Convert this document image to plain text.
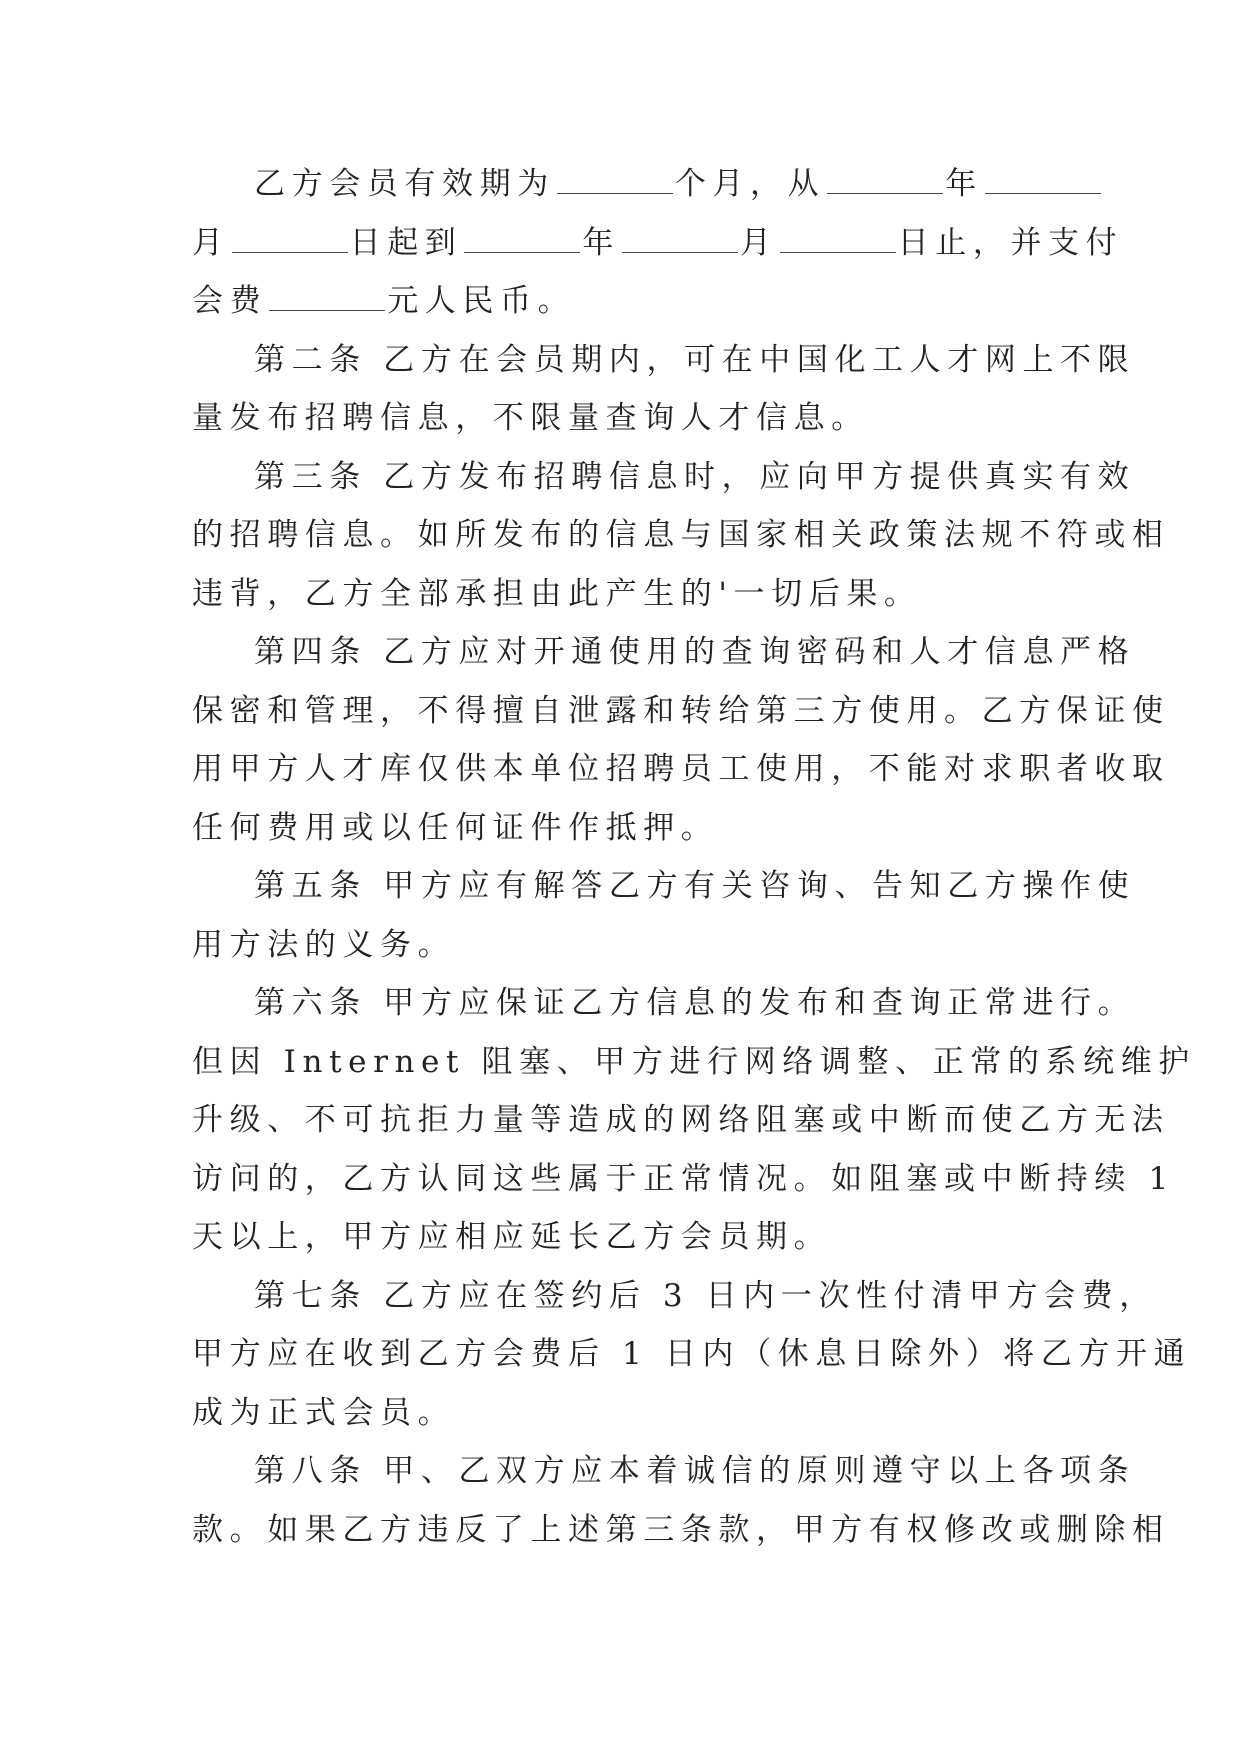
乙方会员有效期为	个月，从	年
月	日起到	年	月	日止，并支付
会费	元人民币。
第二条 乙方在会员期内，可在中国化工人才网上不限
量发布招聘信息，不限量查询人才信息。
第三条 乙方发布招聘信息时，应向甲方提供真实有效
的招聘信息。如所发布的信息与国家相关政策法规不符或相
违背，乙方全部承担由此产生的'一切后果。
第四条 乙方应对开通使用的查询密码和人才信息严格
保密和管理，不得擅自泄露和转给第三方使用。乙方保证使
用甲方人才库仅供本单位招聘员工使用，不能对求职者收取
任何费用或以任何证件作抵押。
第五条 甲方应有解答乙方有关咨询、告知乙方操作使
用方法的义务。
第六条 甲方应保证乙方信息的发布和查询正常进行。
但因 Internet 阻塞、甲方进行网络调整、正常的系统维护
升级、不可抗拒力量等造成的网络阻塞或中断而使乙方无法
访问的，乙方认同这些属于正常情况。如阻塞或中断持续 1
天以上，甲方应相应延长乙方会员期。
第七条 乙方应在签约后 3 日内一次性付清甲方会费，
甲方应在收到乙方会费后 1 日内（休息日除外）将乙方开通
成为正式会员。
第八条 甲、乙双方应本着诚信的原则遵守以上各项条
款。如果乙方违反了上述第三条款，甲方有权修改或删除相
